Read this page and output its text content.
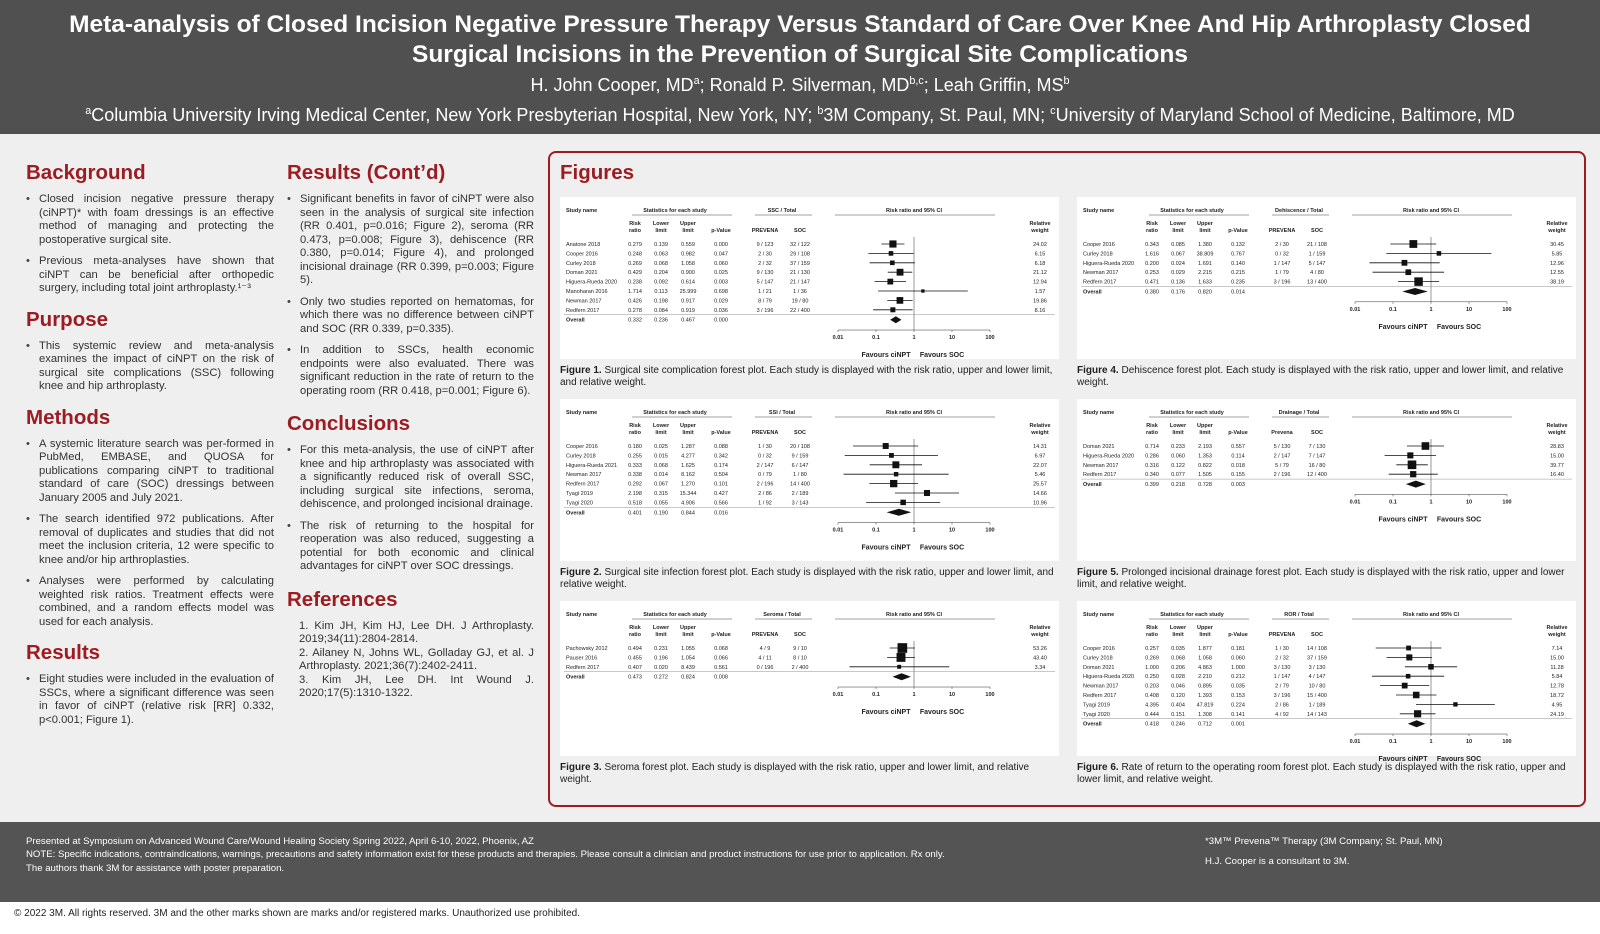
Meta-analysis of Closed Incision Negative Pressure Therapy Versus Standard of Care Over Knee And Hip Arthroplasty Closed
Surgical Incisions in the Prevention of Surgical Site Complications
H. John Cooper, $MD^a$; Ronald P. Silverman, MD$^{b,c}$; Leah Griffin, $MS^b$
$^a$Columbia University Irving Medical Center, New York Presbyterian Hospital, New York, NY; $^b$3M Company, St. Paul, MN; $^c$University of Maryland School of Medicine, Baltimore, MD
Background
• Closed incision negative pressure therapy (ciNPT)* with foam dressings is an effective method of managing and protecting the postoperative surgical site.
• Previous meta-analyses have shown that ciNPT can be beneficial after orthopedic surgery, including total joint arthroplasty.¹⁻³
Purpose
• This systemic review and meta-analysis examines the impact of ciNPT on the risk of surgical site complications (SSC) following knee and hip arthroplasty.
Methods
• A systemic literature search was per-formed in PubMed, EMBASE, and QUOSA for publications comparing ciNPT to traditional standard of care (SOC) dressings between January 2005 and July 2021.
• The search identified 972 publications. After removal of duplicates and studies that did not meet the inclusion criteria, 12 were specific to knee and/or hip arthroplasties.
• Analyses were performed by calculating weighted risk ratios. Treatment effects were combined, and a random effects model was used for each analysis.
Results
• Eight studies were included in the evaluation of SSCs, where a significant difference was seen in favor of ciNPT (relative risk [RR] 0.332, p<0.001; Figure 1).
Results (Cont’d)
• Significant benefits in favor of ciNPT were also seen in the analysis of surgical site infection (RR 0.401, p=0.016; Figure 2), seroma (RR 0.473, p=0.008; Figure 3), dehiscence (RR 0.380, p=0.014; Figure 4), and prolonged incisional drainage (RR 0.399, p=0.003; Figure 5).
• Only two studies reported on hematomas, for which there was no difference between ciNPT and SOC (RR 0.339, p=0.335).
• In addition to SSCs, health economic endpoints were also evaluated. There was significant reduction in the rate of return to the operating room (RR 0.418, p=0.001; Figure 6).
Conclusions
• For this meta-analysis, the use of ciNPT after knee and hip arthroplasty was associated with a significantly reduced risk of overall SSC, including surgical site infections, seroma, dehiscence, and prolonged incisional drainage.
• The risk of returning to the hospital for reoperation was also reduced, suggesting a potential for both economic and clinical advantages for ciNPT over SOC dressings.
References
1. Kim JH, Kim HJ, Lee DH. J Arthroplasty. 2019;34(11):2804-2814.
2. Ailaney N, Johns WL, Golladay GJ, et al. J Arthroplasty. 2021;36(7):2402-2411.
3. Kim JH, Lee DH. Int Wound J. 2020;17(5):1310-1322.
Figures
Study name	Statistics for each study	SSC / Total	Risk ratio and 95% CI
Risk
ratio
Lower
limit
Upper
limit	p-Value	PREVENA	SOC
Relative
weight
Anatone 2018	0.279 0.139 0.559	0.000	9 / 123	32 / 122	24.02
Cooper 2016	0.248 0.063 0.982	0.047	2 / 30	29 / 108	6.15
Curley 2018	0.269 0.068 1.058	0.060	2 / 32	37 / 159	6.18
Doman 2021	0.429 0.204 0.900	0.025	9 / 130	21 / 130	21.12
Higuera-Rueda 2020 0.238 0.092 0.614	0.003	5 / 147	21 / 147	12.94
Manoharan 2016	1.714 0.113 25.999	0.698	1 / 21	1 / 36	1.57
Newman 2017	0.426 0.198 0.917	0.029	8 / 79	19 / 80	19.86
Redfern 2017	0.278 0.084 0.919	0.036	3 / 196	22 / 400	8.16
Overall	0.332 0.236 0.467	0.000
0.01	0.1	1	10	100
Favours ciNPT Favours SOC
Figure 1. Surgical site complication forest plot. Each study is displayed with the risk ratio, upper and lower limit, and relative weight.
Study name	Statistics for each study	SSI / Total	Risk ratio and 95% CI
Risk
ratio
Lower
limit
Upper
limit	p-Value	PREVENA	SOC
Relative
weight
Cooper 2016	0.180 0.025 1.287	0.088	1 / 30	20 / 108	14.31
Curley 2018	0.255 0.015 4.277	0.342	0 / 32	9 / 159	6.97
Higuera-Rueda 2021 0.333 0.068 1.625	0.174	2 / 147	6 / 147	22.07
Newman 2017	0.338 0.014 8.162	0.504	0 / 79	1 / 80	5.46
Redfern 2017	0.292 0.067 1.270	0.101	2 / 196	14 / 400	25.57
Tyagi 2019	2.198 0.315 15.344	0.427	2 / 86	2 / 189	14.66
Tyagi 2020	0.518 0.055 4.906	0.566	1 / 92	3 / 143	10.96
Overall	0.401 0.190 0.844	0.016
0.01	0.1	1	10	100
Favours ciNPT Favours SOC
Figure 2. Surgical site infection forest plot. Each study is displayed with the risk ratio, upper and lower limit, and relative weight.
Study name	Statistics for each study	Seroma / Total	Risk ratio and 95% CI
Risk
ratio
Lower
limit
Upper
limit	p-Value	PREVENA	SOC
Relative
weight
Pachowsky 2012	0.494 0.231 1.055	0.068	4 / 9	9 / 10	53.26
Pauser 2016	0.455 0.196 1.054	0.066	4 / 11	8 / 10	43.40
Redfern 2017	0.407 0.020 8.439	0.561	0 / 196	2 / 400	3.34
Overall	0.473 0.272 0.824	0.008
0.01	0.1	1	10	100
Favours ciNPT Favours SOC
Figure 3. Seroma forest plot. Each study is displayed with the risk ratio, upper and lower limit, and relative weight.
Study name	Statistics for each study	Dehiscence / Total	Risk ratio and 95% CI
Risk
ratio
Lower
limit
Upper
limit	p-Value	PREVENA	SOC
Relative
weight
Cooper 2016	0.343 0.085 1.380	0.132	2 / 30	21 / 108	30.45
Curley 2018	1.616 0.067 38.809	0.767	0 / 32	1 / 159	5.85
Higuera-Rueda 2020 0.200 0.024 1.691	0.140	1 / 147	5 / 147	12.96
Newman 2017	0.253 0.029 2.215	0.215	1 / 79	4 / 80	12.55
Redfern 2017	0.471 0.136 1.633	0.235	3 / 196	13 / 400	38.19
Overall	0.380 0.176 0.820	0.014
0.01	0.1	1	10	100
Favours ciNPT Favours SOC
Figure 4. Dehiscence forest plot. Each study is displayed with the risk ratio, upper and lower limit, and relative weight.
Study name	Statistics for each study	Drainage / Total	Risk ratio and 95% CI
Risk
ratio
Lower
limit
Upper
limit	p-Value	Prevena	SOC
Relative
weight
Doman 2021	0.714 0.233 2.193	0.557	5 / 130	7 / 130	28.83
Higuera-Rueda 2020 0.286 0.060 1.353	0.114	2 / 147	7 / 147	15.00
Newman 2017	0.316 0.122 0.822	0.018	5 / 79	16 / 80	39.77
Redfern 2017	0.340 0.077 1.505	0.155	2 / 196	12 / 400	16.40
Overall	0.399 0.218 0.728	0.003
0.01	0.1	1	10	100
Favours ciNPT Favours SOC
Figure 5. Prolonged incisional drainage forest plot. Each study is displayed with the risk ratio, upper and lower limit, and relative weight.
Study name	Statistics for each study	ROR / Total	Risk ratio and 95% CI
Risk
ratio
Lower
limit
Upper
limit	p-Value	PREVENA	SOC
Relative
weight
Cooper 2016	0.257 0.035 1.877	0.181	1 / 30	14 / 108	7.14
Curley 2018	0.269 0.068 1.058	0.060	2 / 32	37 / 159	15.00
Doman 2021	1.000 0.206 4.863	1.000	3 / 130	3 / 130	11.28
Higuera-Rueda 2020 0.250 0.028 2.210	0.212	1 / 147	4 / 147	5.84
Newman 2017	0.203 0.046 0.895	0.035	2 / 79	10 / 80	12.78
Redfern 2017	0.408 0.120 1.393	0.153	3 / 196	15 / 400	18.72
Tyagi 2019	4.395 0.404 47.819	0.224	2 / 86	1 / 189	4.95
Tyagi 2020	0.444 0.151 1.308	0.141	4 / 92	14 / 143	24.19
Overall	0.418 0.246 0.712	0.001
0.01	0.1	1	10	100
Favours ciNPT Favours SOC
Figure 6. Rate of return to the operating room forest plot. Each study is displayed with the risk ratio, upper and lower limit, and relative weight.
Presented at Symposium on Advanced Wound Care/Wound Healing Society Spring 2022, April 6-10, 2022, Phoenix, AZ
NOTE: Specific indications, contraindications, warnings, precautions and safety information exist for these products and therapies. Please consult a clinician and product instructions for use prior to application. Rx only.
The authors thank 3M for assistance with poster preparation.
*3M™ Prevena™ Therapy (3M Company; St. Paul, MN)
H.J. Cooper is a consultant to 3M.
© 2022 3M. All rights reserved. 3M and the other marks shown are marks and/or registered marks. Unauthorized use prohibited.
